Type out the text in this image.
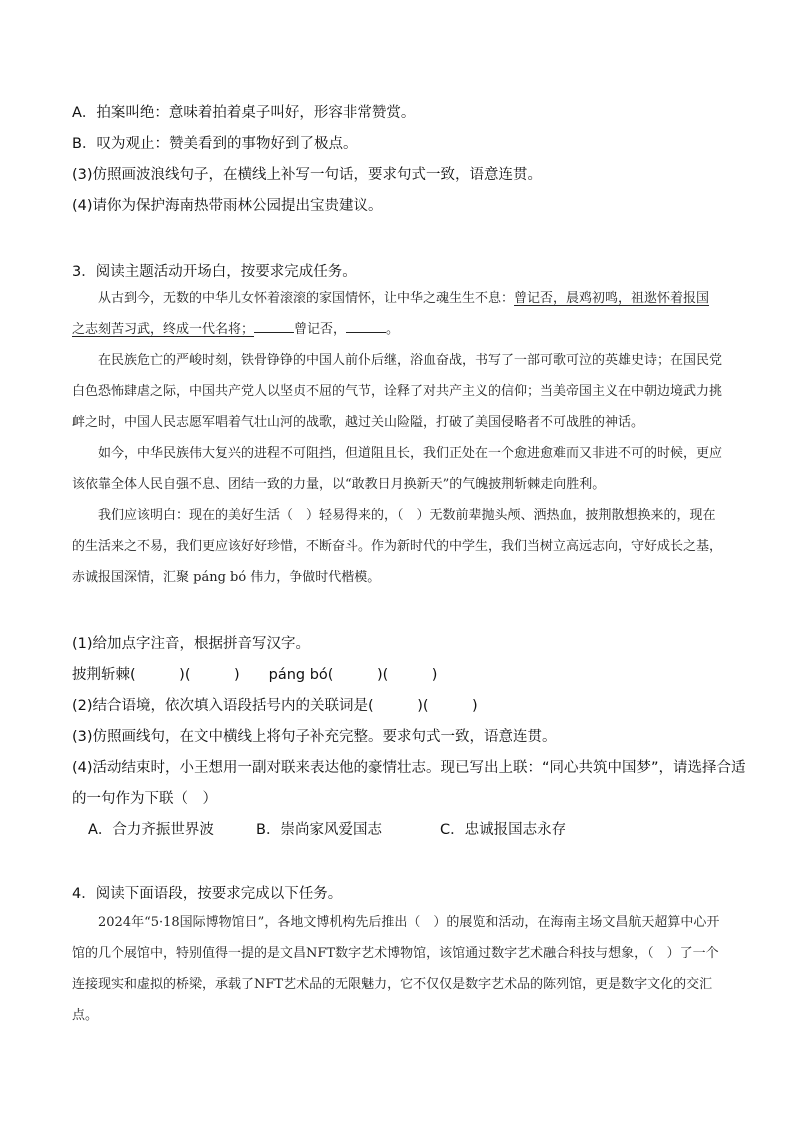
A．拍案叫绝：意味着拍着桌子叫好，形容非常赞赏。
B．叹为观止：赞美看到的事物好到了极点。
(3)仿照画波浪线句子，在横线上补写一句话，要求句式一致，语意连贯。
(4)请你为保护海南热带雨林公园提出宝贵建议。
3．阅读主题活动开场白，按要求完成任务。

从古到今，无数的中华儿女怀着滚滚的家国情怀，让中华之魂生生不息：曾记否，晨鸡初鸣，祖逖怀着报国之志刻苦习武，终成一代名将；	曾记否，	。

在民族危亡的严峻时刻，铁骨铮铮的中国人前仆后继，浴血奋战，书写了一部可歌可泣的英雄史诗；在国民党白色恐怖肆虐之际，中国共产党人以坚贞不屈的气节，诠释了对共产主义的信仰；当美帝国主义在中朝边境武力挑衅之时，中国人民志愿军唱着气壮山河的战歌，越过关山险隘，打破了美国侵略者不可战胜的神话。

如今，中华民族伟大复兴的进程不可阻挡，但道阻且长，我们正处在一个愈进愈难而又非进不可的时候，更应该依靠全体人民自强不息、团结一致的力量，以“敢教日月换新天”的气魄披荆斩棘走向胜利。

我们应该明白：现在的美好生活（　）轻易得来的，（　）无数前辈抛头颅、洒热血，披荆散想换来的，现在的生活来之不易，我们更应该好好珍惜，不断奋斗。作为新时代的中学生，我们当树立高远志向，守好成长之基，赤诚报国深情，汇聚 páng bó 伟力，争做时代楷模。

(1)给加点字注音，根据拼音写汉字。
披荆斩棘(　　　)(　　　)　　páng bó(　　　)(　　　)
(2)结合语境，依次填入语段括号内的关联词是(　　　)(　　　)
(3)仿照画线句，在文中横线上将句子补充完整。要求句式一致，语意连贯。
(4)活动结束时，小王想用一副对联来表达他的豪情壮志。现已写出上联：“同心共筑中国梦”，请选择合适
的一句作为下联（　）
A．合力齐振世界波	B．崇尚家风爱国志	C．忠诚报国志永存
4．阅读下面语段，按要求完成以下任务。

2024年“5·18国际博物馆日”，各地文博机构先后推出（　）的展览和活动，在海南主场文昌航天超算中心开馆的几个展馆中，特别值得一提的是文昌NFT数字艺术博物馆，该馆通过数字艺术融合科技与想象，（　）了一个连接现实和虚拟的桥梁，承载了NFT艺术品的无限魅力，它不仅仅是数字艺术品的陈列馆，更是数字文化的交汇点。
